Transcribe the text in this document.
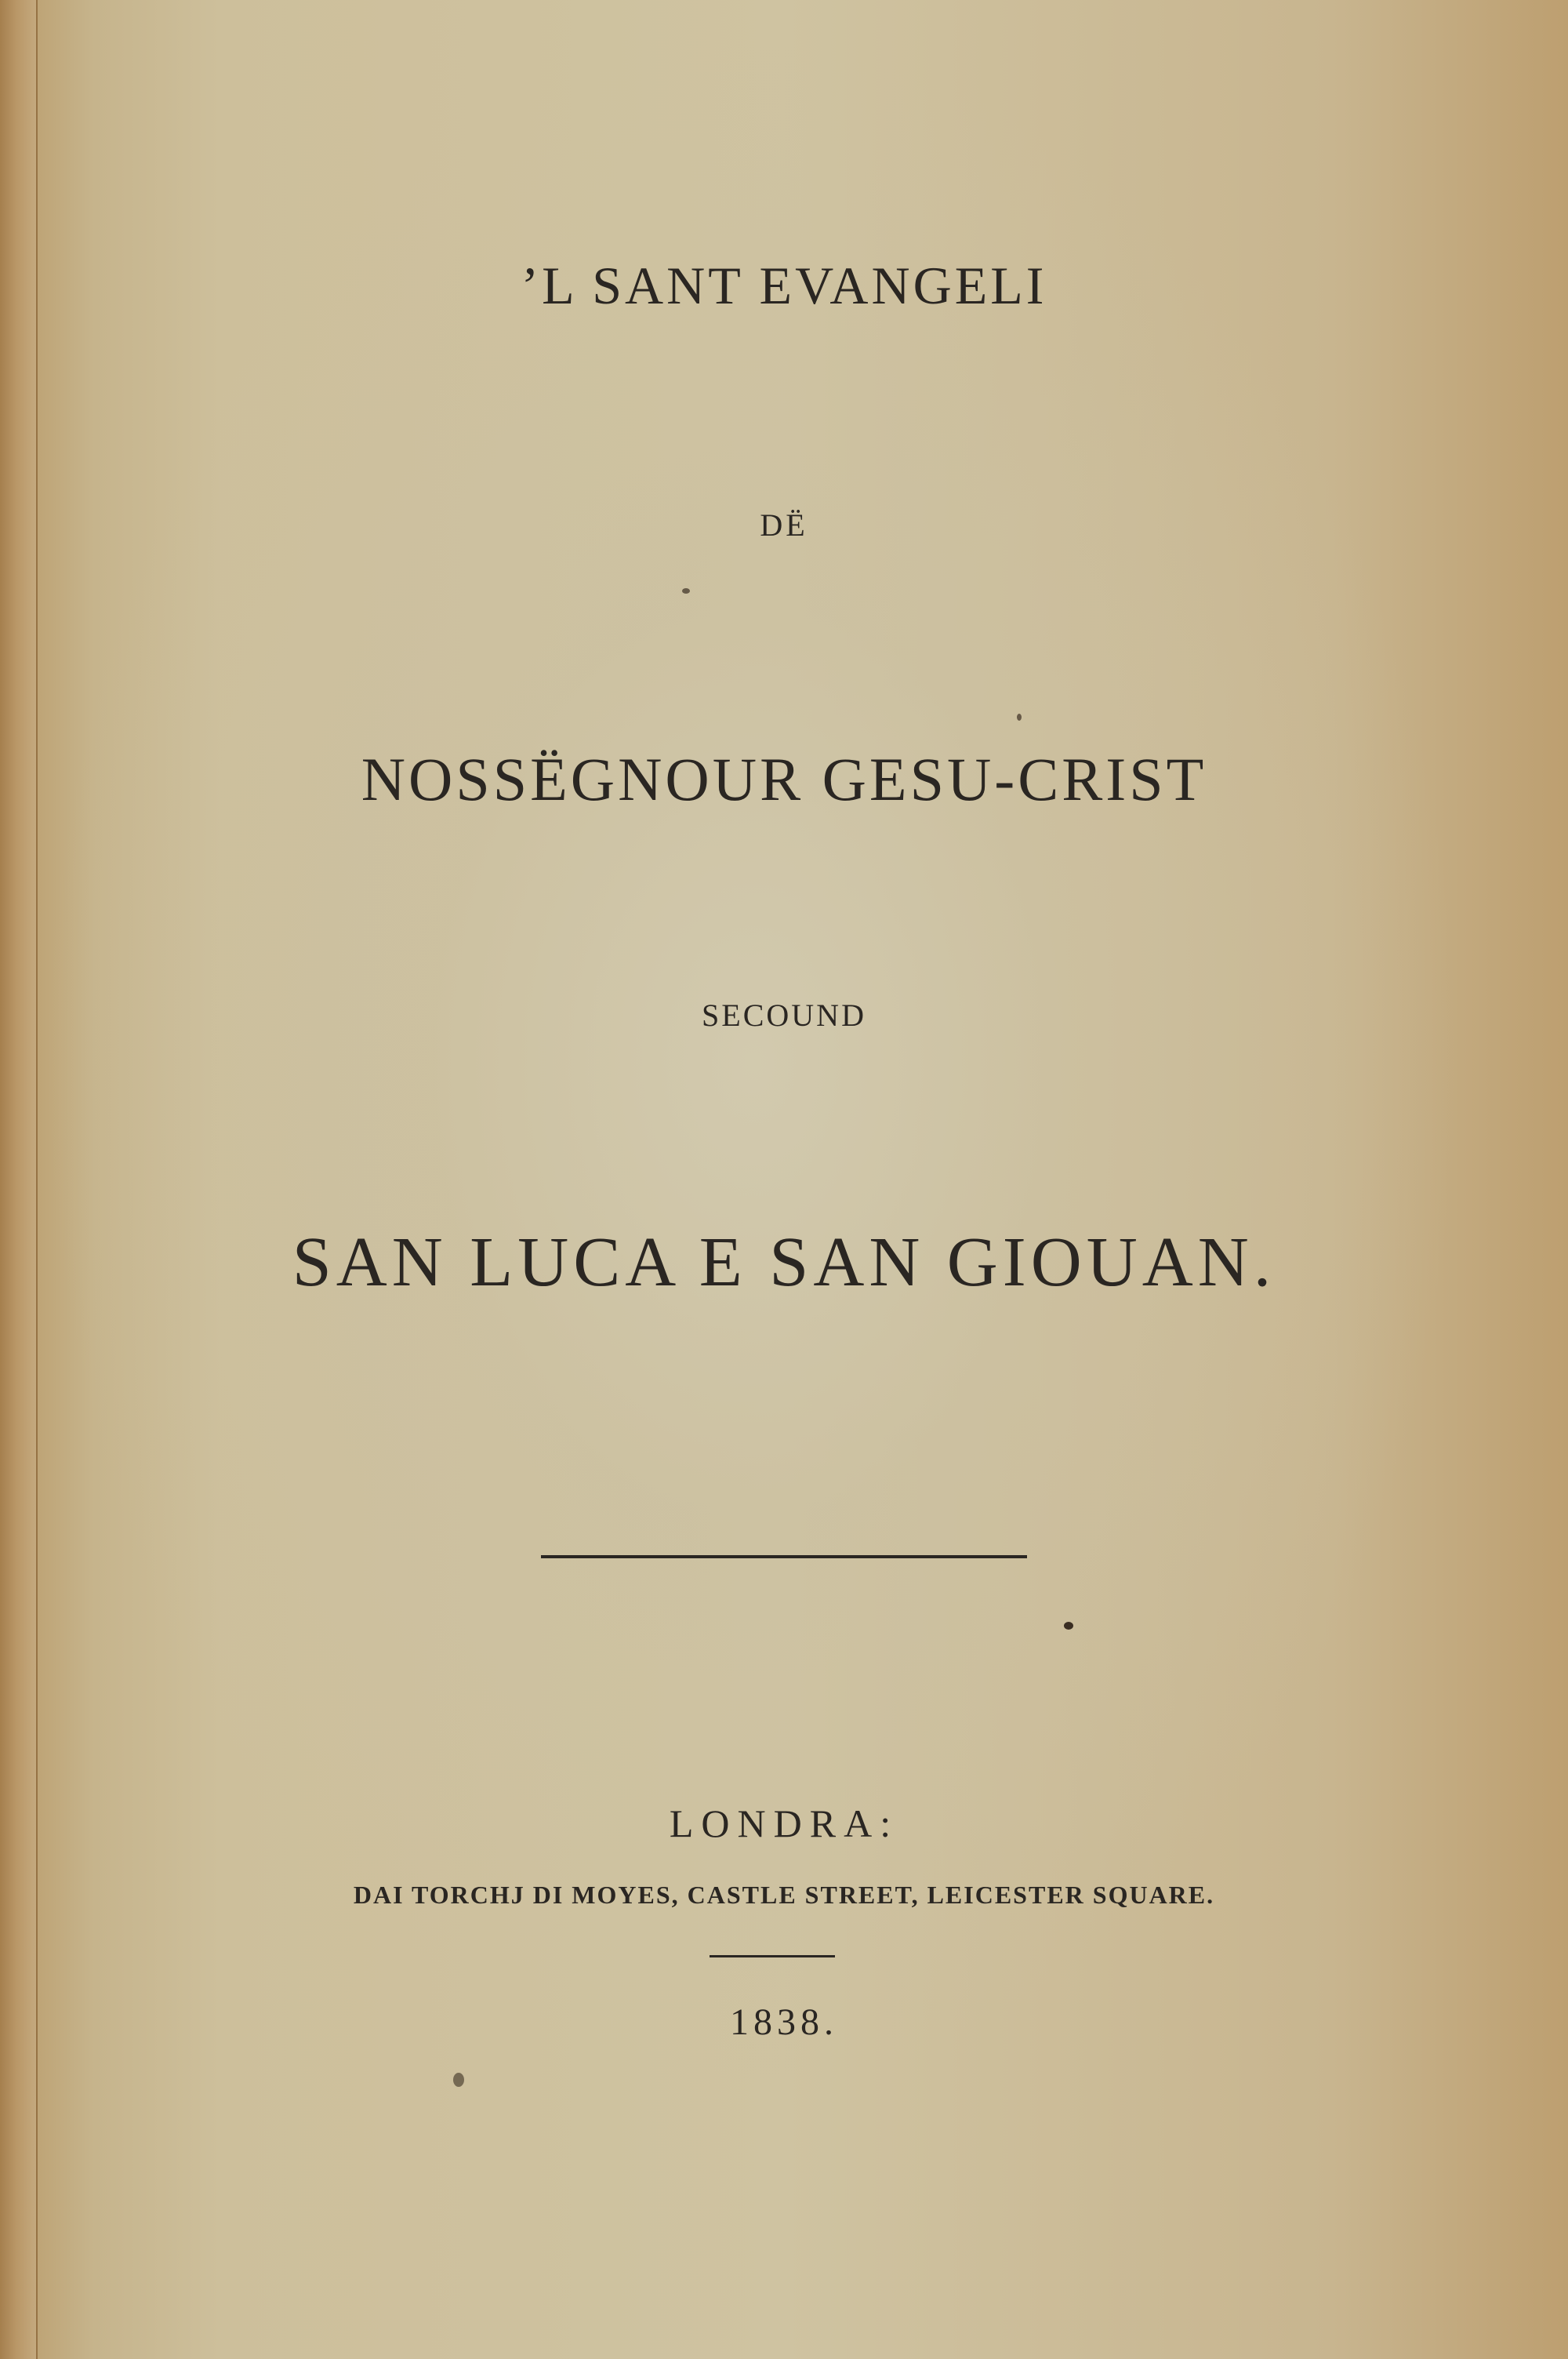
’L SANT EVANGELI
DË
NOSSËGNOUR GESU-CRIST
SECOUND
SAN LUCA E SAN GIOUAN.
LONDRA:
DAI TORCHJ DI MOYES, CASTLE STREET, LEICESTER SQUARE.
1838.
